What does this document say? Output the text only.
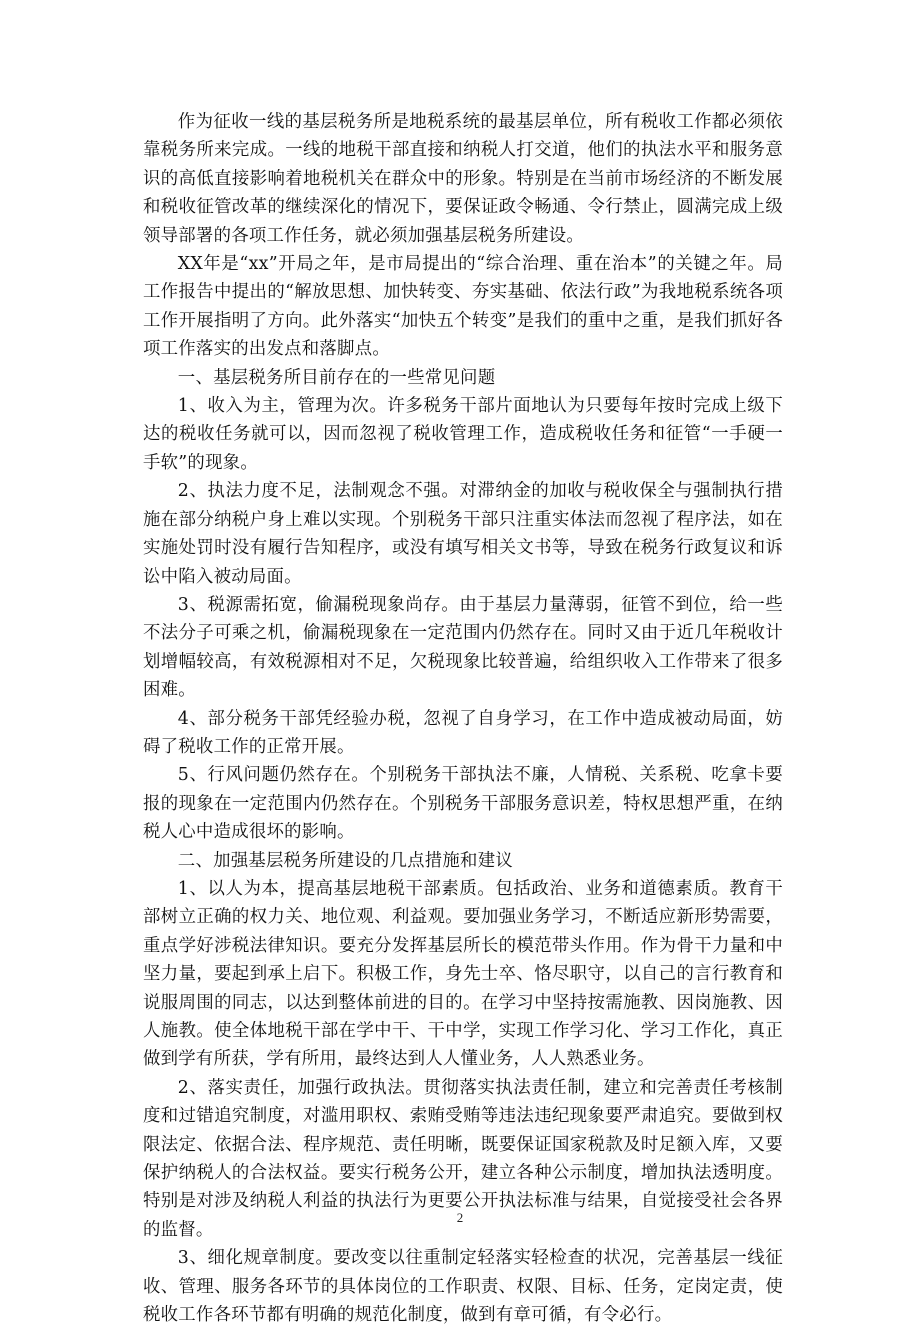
作为征收一线的基层税务所是地税系统的最基层单位，所有税收工作都必须依靠税务所来完成。一线的地税干部直接和纳税人打交道，他们的执法水平和服务意识的高低直接影响着地税机关在群众中的形象。特别是在当前市场经济的不断发展和税收征管改革的继续深化的情况下，要保证政令畅通、令行禁止，圆满完成上级领导部署的各项工作任务，就必须加强基层税务所建设。

XX年是“xx”开局之年，是市局提出的“综合治理、重在治本”的关键之年。局工作报告中提出的“解放思想、加快转变、夯实基础、依法行政”为我地税系统各项工作开展指明了方向。此外落实“加快五个转变”是我们的重中之重，是我们抓好各项工作落实的出发点和落脚点。

一、基层税务所目前存在的一些常见问题

1、收入为主，管理为次。许多税务干部片面地认为只要每年按时完成上级下达的税收任务就可以，因而忽视了税收管理工作，造成税收任务和征管“一手硬一手软”的现象。

2、执法力度不足，法制观念不强。对滞纳金的加收与税收保全与强制执行措施在部分纳税户身上难以实现。个别税务干部只注重实体法而忽视了程序法，如在实施处罚时没有履行告知程序，或没有填写相关文书等，导致在税务行政复议和诉讼中陷入被动局面。

3、税源需拓宽，偷漏税现象尚存。由于基层力量薄弱，征管不到位，给一些不法分子可乘之机，偷漏税现象在一定范围内仍然存在。同时又由于近几年税收计划增幅较高，有效税源相对不足，欠税现象比较普遍，给组织收入工作带来了很多困难。

4、部分税务干部凭经验办税，忽视了自身学习，在工作中造成被动局面，妨碍了税收工作的正常开展。

5、行风问题仍然存在。个别税务干部执法不廉，人情税、关系税、吃拿卡要报的现象在一定范围内仍然存在。个别税务干部服务意识差，特权思想严重，在纳税人心中造成很坏的影响。

二、加强基层税务所建设的几点措施和建议

1、以人为本，提高基层地税干部素质。包括政治、业务和道德素质。教育干部树立正确的权力关、地位观、利益观。要加强业务学习，不断适应新形势需要，重点学好涉税法律知识。要充分发挥基层所长的模范带头作用。作为骨干力量和中坚力量，要起到承上启下。积极工作，身先士卒、恪尽职守，以自己的言行教育和说服周围的同志，以达到整体前进的目的。在学习中坚持按需施教、因岗施教、因人施教。使全体地税干部在学中干、干中学，实现工作学习化、学习工作化，真正做到学有所获，学有所用，最终达到人人懂业务，人人熟悉业务。

2、落实责任，加强行政执法。贯彻落实执法责任制，建立和完善责任考核制度和过错追究制度，对滥用职权、索贿受贿等违法违纪现象要严肃追究。要做到权限法定、依据合法、程序规范、责任明晰，既要保证国家税款及时足额入库，又要保护纳税人的合法权益。要实行税务公开，建立各种公示制度，增加执法透明度。特别是对涉及纳税人利益的执法行为更要公开执法标准与结果，自觉接受社会各界的监督。

3、细化规章制度。要改变以往重制定轻落实轻检查的状况，完善基层一线征收、管理、服务各环节的具体岗位的工作职责、权限、目标、任务，定岗定责，使税收工作各环节都有明确的规范化制度，做到有章可循，有令必行。

2
